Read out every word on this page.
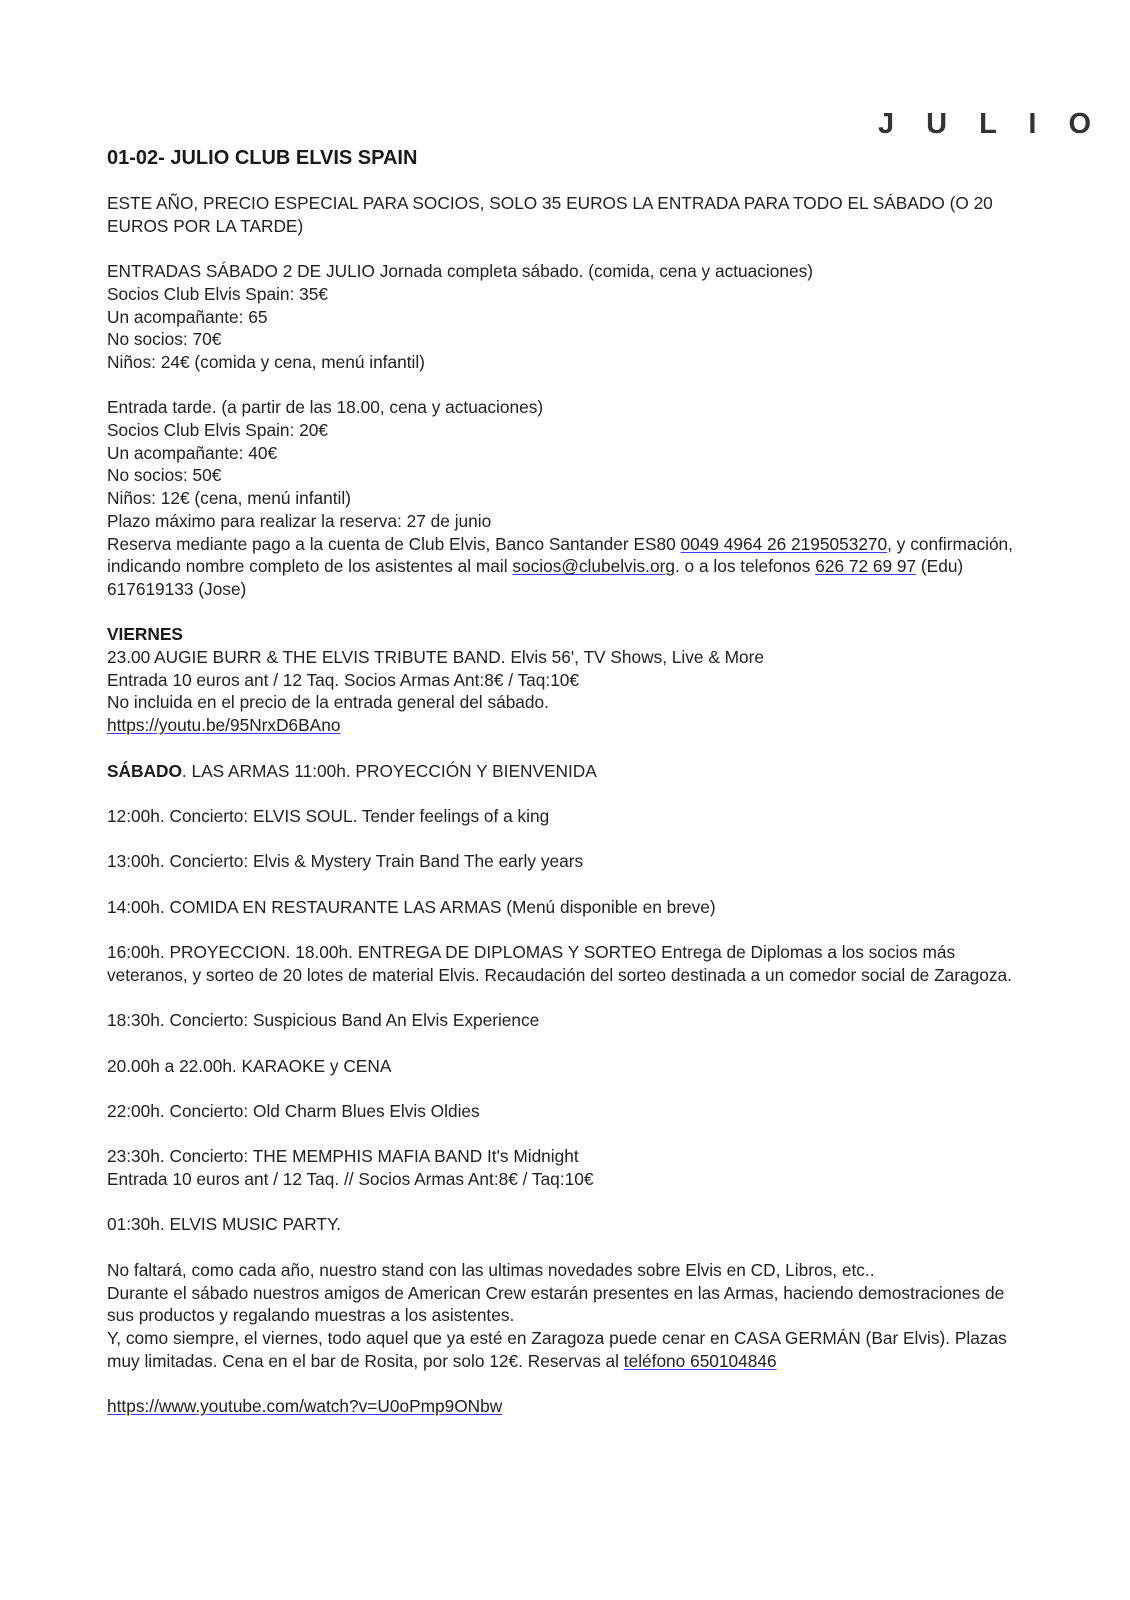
J U L I O
01-02- JULIO CLUB ELVIS SPAIN

ESTE AÑO, PRECIO ESPECIAL PARA SOCIOS, SOLO 35 EUROS LA ENTRADA PARA TODO EL SÁBADO (O 20 EUROS POR LA TARDE)

ENTRADAS SÁBADO 2 DE JULIO Jornada completa sábado. (comida, cena y actuaciones)
Socios Club Elvis Spain: 35€
Un acompañante: 65
No socios: 70€
Niños: 24€ (comida y cena, menú infantil)

Entrada tarde. (a partir de las 18.00, cena y actuaciones)
Socios Club Elvis Spain: 20€
Un acompañante: 40€
No socios: 50€
Niños: 12€ (cena, menú infantil)
Plazo máximo para realizar la reserva: 27 de junio
Reserva mediante pago a la cuenta de Club Elvis, Banco Santander ES80 0049 4964 26 2195053270, y confirmación, indicando nombre completo de los asistentes al mail socios@clubelvis.org. o a los telefonos 626 72 69 97 (Edu) 617619133 (Jose)

VIERNES
23.00 AUGIE BURR & THE ELVIS TRIBUTE BAND. Elvis 56', TV Shows, Live & More
Entrada 10 euros ant / 12 Taq. Socios Armas Ant:8€ / Taq:10€
No incluida en el precio de la entrada general del sábado.
https://youtu.be/95NrxD6BAno

SÁBADO. LAS ARMAS 11:00h. PROYECCIÓN Y BIENVENIDA

12:00h. Concierto: ELVIS SOUL. Tender feelings of a king

13:00h. Concierto: Elvis & Mystery Train Band The early years

14:00h. COMIDA EN RESTAURANTE LAS ARMAS (Menú disponible en breve)

16:00h. PROYECCION. 18.00h. ENTREGA DE DIPLOMAS Y SORTEO Entrega de Diplomas a los socios más veteranos, y sorteo de 20 lotes de material Elvis. Recaudación del sorteo destinada a un comedor social de Zaragoza.

18:30h. Concierto: Suspicious Band An Elvis Experience

20.00h a 22.00h. KARAOKE y CENA

22:00h. Concierto: Old Charm Blues Elvis Oldies

23:30h. Concierto: THE MEMPHIS MAFIA BAND It's Midnight
Entrada 10 euros ant / 12 Taq. // Socios Armas Ant:8€ / Taq:10€

01:30h. ELVIS MUSIC PARTY.

No faltará, como cada año, nuestro stand con las ultimas novedades sobre Elvis en CD, Libros, etc..
Durante el sábado nuestros amigos de American Crew estarán presentes en las Armas, haciendo demostraciones de sus productos y regalando muestras a los asistentes.
Y, como siempre, el viernes, todo aquel que ya esté en Zaragoza puede cenar en CASA GERMÁN (Bar Elvis). Plazas muy limitadas. Cena en el bar de Rosita, por solo 12€. Reservas al teléfono 650104846

https://www.youtube.com/watch?v=U0oPmp9ONbw
